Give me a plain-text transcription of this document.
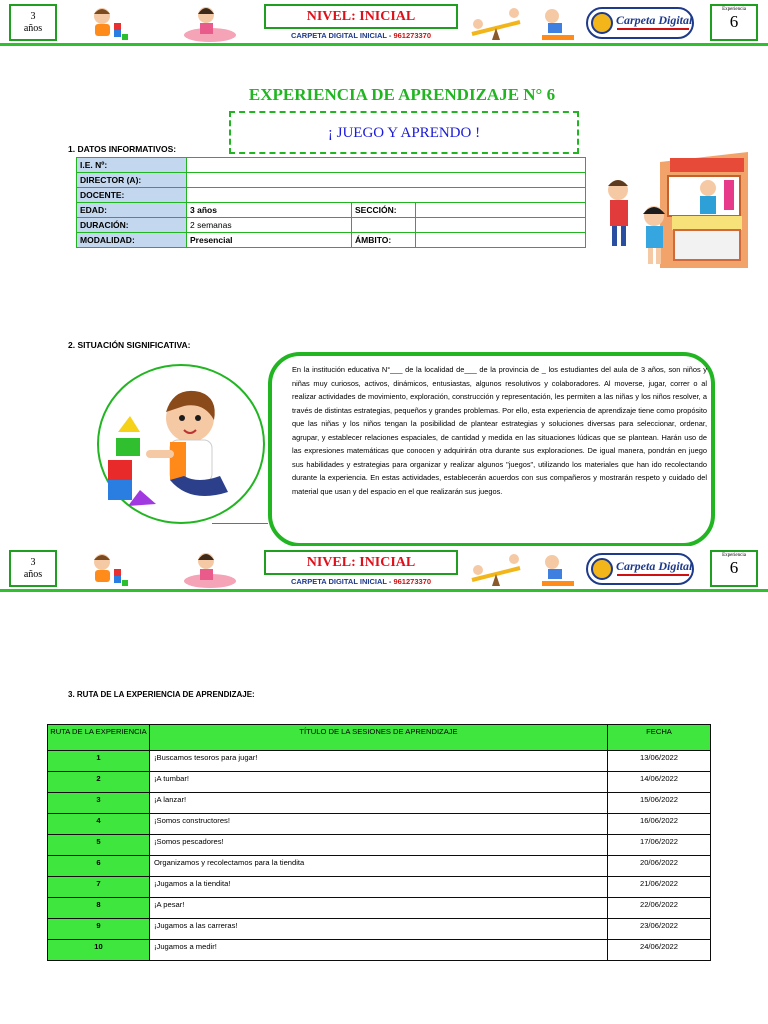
3
años
NIVEL: INICIAL
CARPETA DIGITAL INICIAL - 961273370
Carpeta Digital
Experiencia
6
EXPERIENCIA DE APRENDIZAJE N° 6
¡ JUEGO Y APRENDO !
1. DATOS INFORMATIVOS:
I.E. Nº:			
DIRECTOR (A):			
DOCENTE:			
EDAD:	3 años	SECCIÓN:	
DURACIÓN:	2 semanas		
MODALIDAD:	Presencial	ÁMBITO:	
2. SITUACIÓN SIGNIFICATIVA:
En la institución educativa N°___ de la localidad de___ de la provincia de _ los estudiantes del aula de 3 años, son niños y niñas muy curiosos, activos, dinámicos, entusiastas, algunos resolutivos y colaboradores. Al moverse, jugar, correr o al realizar actividades de movimiento, exploración, construcción y representación, les permiten a las niñas y los niños resolver, a través de distintas estrategias, pequeños y grandes problemas. Por ello, esta experiencia de aprendizaje tiene como propósito que las niñas y los niños tengan la posibilidad de plantear estrategias y soluciones diversas para seleccionar, ordenar, agrupar, y establecer relaciones espaciales, de cantidad y medida en las situaciones lúdicas que se plantean. Harán uso de las expresiones matemáticas que conocen y adquirirán otra durante sus exploraciones. De igual manera, pondrán en juego sus habilidades y estrategias para organizar y realizar algunos "juegos", utilizando los materiales que han ido recolectando durante la experiencia. En estas actividades, establecerán acuerdos con sus compañeros y mostrarán respeto y cuidado del material que usan y del espacio en el que realizarán sus juegos.
3
años
NIVEL: INICIAL
CARPETA DIGITAL INICIAL - 961273370
Carpeta Digital
Experiencia
6
3. RUTA DE LA EXPERIENCIA DE APRENDIZAJE:
RUTA DE LA EXPERIENCIA	TÍTULO DE LA SESIONES DE APRENDIZAJE	FECHA
1	¡Buscamos tesoros para jugar!	13/06/2022
2	¡A tumbar!	14/06/2022
3	¡A lanzar!	15/06/2022
4	¡Somos constructores!	16/06/2022
5	¡Somos pescadores!	17/06/2022
6	Organizamos y recolectamos para la tiendita	20/06/2022
7	¡Jugamos a la tiendita!	21/06/2022
8	¡A pesar!	22/06/2022
9	¡Jugamos a las carreras!	23/06/2022
10	¡Jugamos a medir!	24/06/2022
